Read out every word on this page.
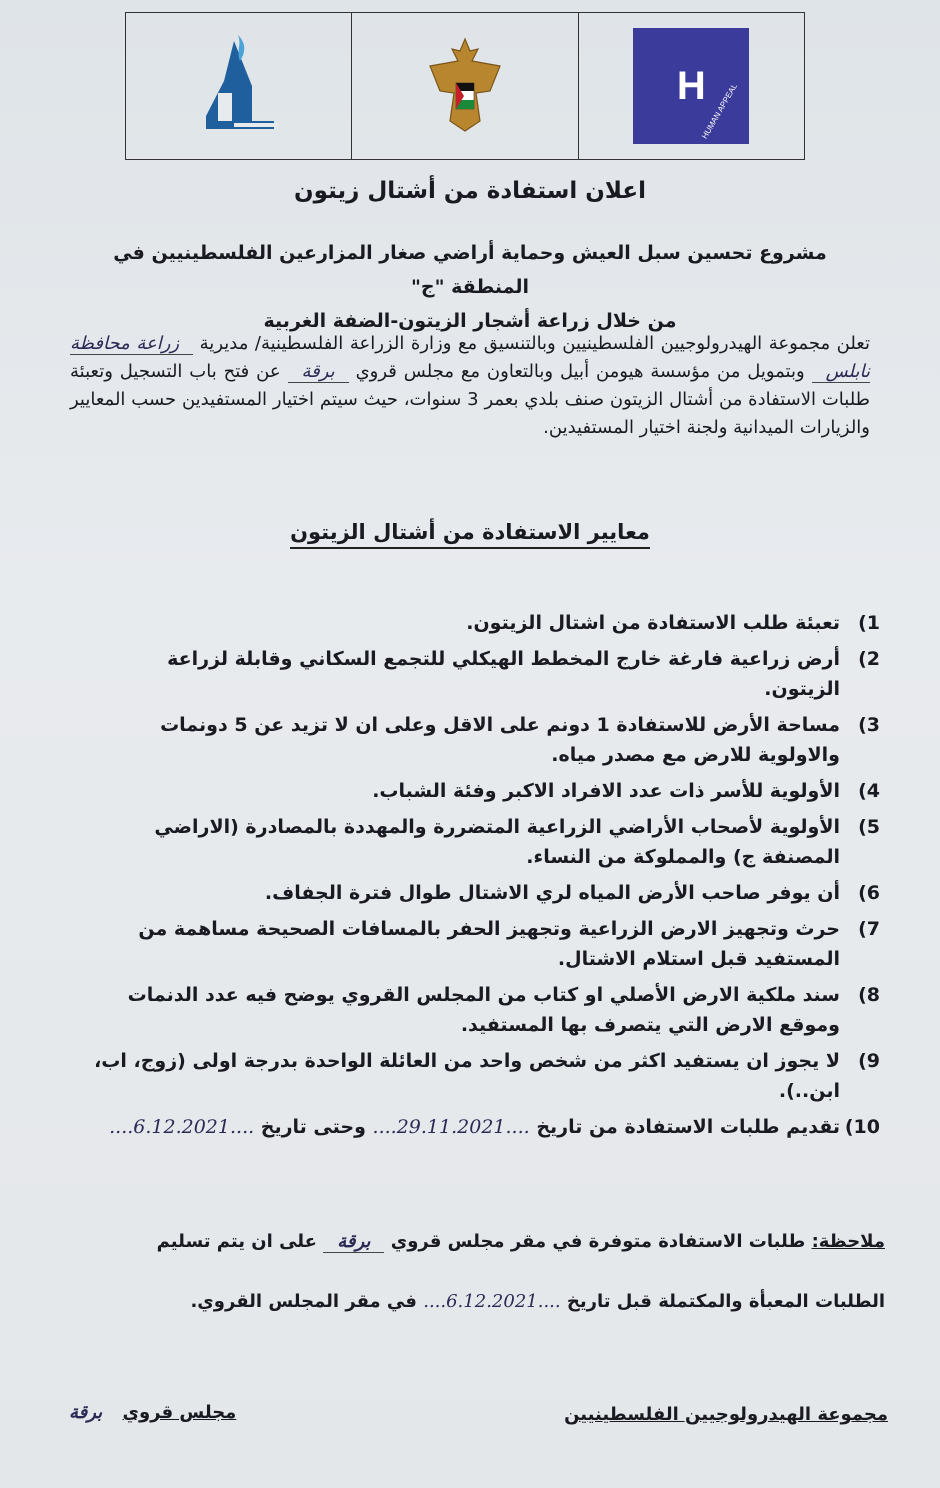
H
HUMAN APPEAL
اعلان استفادة من أشتال زيتون
مشروع تحسين سبل العيش وحماية أراضي صغار المزارعين الفلسطينيين في المنطقة "ج"
من خلال زراعة أشجار الزيتون-الضفة الغربية
تعلن مجموعة الهيدرولوجيين الفلسطينيين وبالتنسيق مع وزارة الزراعة الفلسطينية/ مديرية زراعة محافظة نابلس وبتمويل من مؤسسة هيومن أبيل وبالتعاون مع مجلس قروي برقة عن فتح باب التسجيل وتعبئة طلبات الاستفادة من أشتال الزيتون صنف بلدي بعمر 3 سنوات، حيث سيتم اختيار المستفيدين حسب المعايير والزيارات الميدانية ولجنة اختيار المستفيدين.
معايير الاستفادة من أشتال الزيتون
1)
تعبئة طلب الاستفادة من اشتال الزيتون.
2)
أرض زراعية فارغة خارج المخطط الهيكلي للتجمع السكاني وقابلة لزراعة الزيتون.
3)
مساحة الأرض للاستفادة 1 دونم على الاقل وعلى ان لا تزيد عن 5 دونمات والاولوية للارض مع مصدر مياه.
4)
الأولوية للأسر ذات عدد الافراد الاكبر وفئة الشباب.
5)
الأولوية لأصحاب الأراضي الزراعية المتضررة والمهددة بالمصادرة (الاراضي المصنفة ج) والمملوكة من النساء.
6)
أن يوفر صاحب الأرض المياه لري الاشتال طوال فترة الجفاف.
7)
حرث وتجهيز الارض الزراعية وتجهيز الحفر بالمسافات الصحيحة مساهمة من المستفيد قبل استلام الاشتال.
8)
سند ملكية الارض الأصلي او كتاب من المجلس القروي يوضح فيه عدد الدنمات وموقع الارض التي يتصرف بها المستفيد.
9)
لا يجوز ان يستفيد اكثر من شخص واحد من العائلة الواحدة بدرجة اولى (زوج، اب، ابن..).
10)
تقديم طلبات الاستفادة من تاريخ ....29.11.2021.... وحتى تاريخ ....6.12.2021....
ملاحظة: طلبات الاستفادة متوفرة في مقر مجلس قروي برقة على ان يتم تسليم
الطلبات المعبأة والمكتملة قبل تاريخ ....6.12.2021.... في مقر المجلس القروي.
مجموعة الهيدرولوجيين الفلسطينيين
مجلس قروي برقة
